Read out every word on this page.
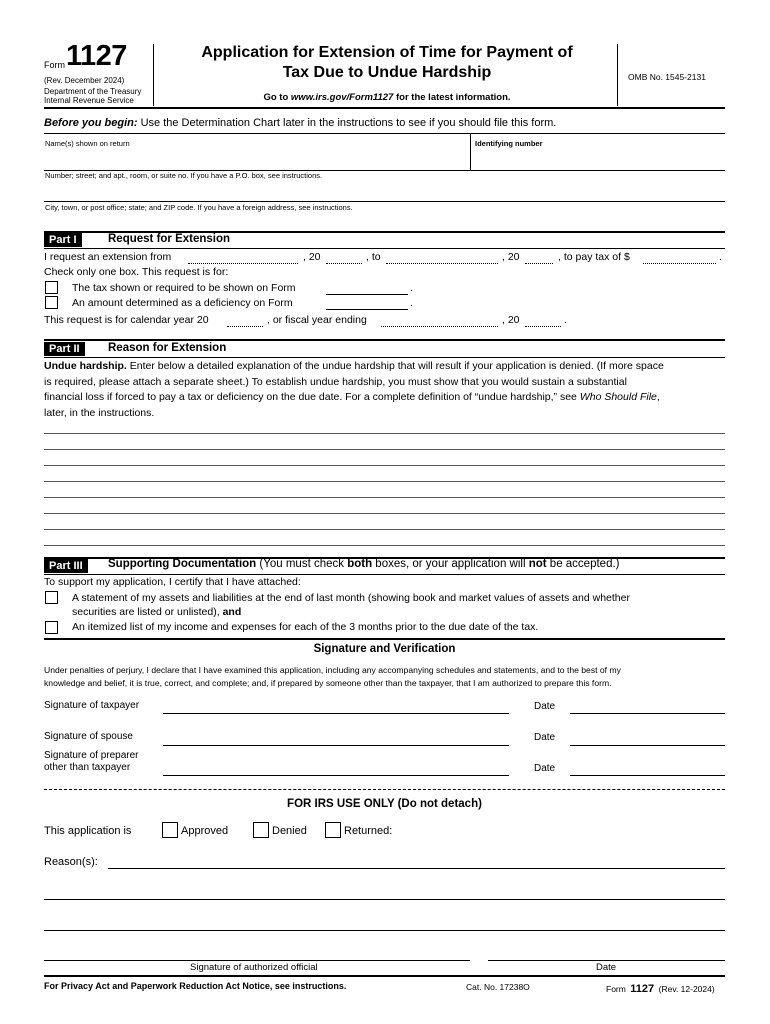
Form 1127
(Rev. December 2024)
Department of the Treasury
Internal Revenue Service
Application for Extension of Time for Payment of
Tax Due to Undue Hardship
Go to www.irs.gov/Form1127 for the latest information.
OMB No. 1545-2131
Before you begin: Use the Determination Chart later in the instructions to see if you should file this form.
Name(s) shown on return	Identifying number
Number; street; and apt., room, or suite no. If you have a P.O. box, see instructions.
City, town, or post office; state; and ZIP code. If you have a foreign address, see instructions.
Part I	Request for Extension
I request an extension from	, 20	, to	, 20	, to pay tax of $	.
Check only one box. This request is for:
The tax shown or required to be shown on Form	.
An amount determined as a deficiency on Form	.
This request is for calendar year 20	, or fiscal year ending	, 20	.
Part II	Reason for Extension
Undue hardship. Enter below a detailed explanation of the undue hardship that will result if your application is denied. (If more space
is required, please attach a separate sheet.) To establish undue hardship, you must show that you would sustain a substantial
financial loss if forced to pay a tax or deficiency on the due date. For a complete definition of “undue hardship,” see Who Should File,
later, in the instructions.
Part III	Supporting Documentation (You must check both boxes, or your application will not be accepted.)
To support my application, I certify that I have attached:
A statement of my assets and liabilities at the end of last month (showing book and market values of assets and whether
securities are listed or unlisted), and
An itemized list of my income and expenses for each of the 3 months prior to the due date of the tax.
Signature and Verification
Under penalties of perjury, I declare that I have examined this application, including any accompanying schedules and statements, and to the best of my
knowledge and belief, it is true, correct, and complete; and, if prepared by someone other than the taxpayer, that I am authorized to prepare this form.
Signature of taxpayer	Date
Signature of spouse	Date
Signature of preparer
other than taxpayer	Date
FOR IRS USE ONLY (Do not detach)
This application is	Approved	Denied	Returned:
Reason(s):
Signature of authorized official	Date
For Privacy Act and Paperwork Reduction Act Notice, see instructions.	Cat. No. 17238O	Form 1127 (Rev. 12-2024)
